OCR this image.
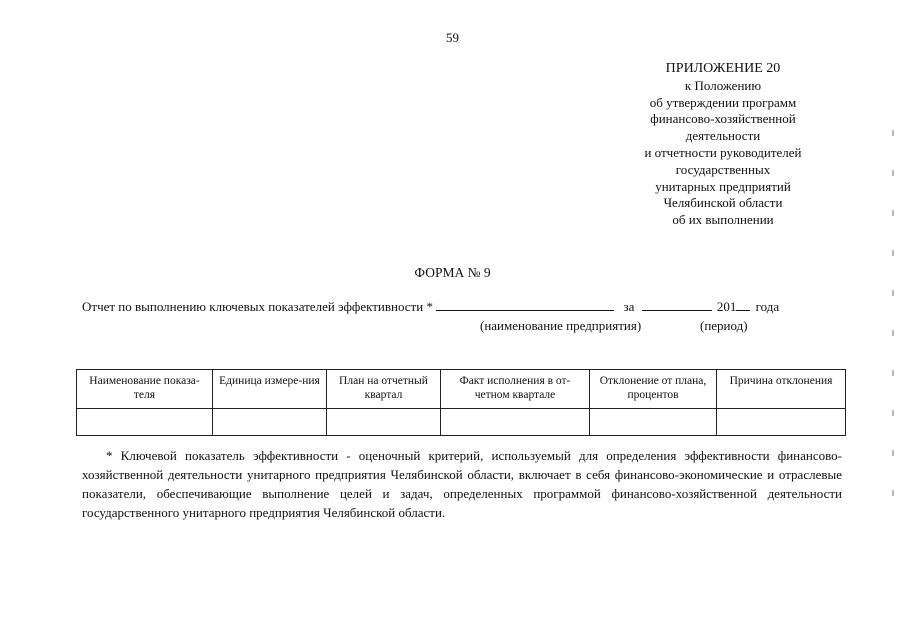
59
ПРИЛОЖЕНИЕ 20
к Положению
об утверждении программ
финансово-хозяйственной
деятельности
и отчетности руководителей
государственных
унитарных предприятий
Челябинской области
об их выполнении
ФОРМА № 9
Отчет по выполнению ключевых показателей эффективности *	за	201 года
(наименование предприятия)	(период)
Наименование показа-теля	Единица измере-ния	План на отчетный квартал	Факт исполнения в от-четном квартале	Отклонение от плана, процентов	Причина отклонения

* Ключевой показатель эффективности - оценочный критерий, используемый для определения эффективности финансово-хозяйственной деятельности унитарного предприятия Челябинской области, включает в себя финансово-экономические и отраслевые показатели, обеспечивающие выполнение целей и задач, определенных программой финансово-хозяйственной деятельности государственного унитарного предприятия Челябинской области.
